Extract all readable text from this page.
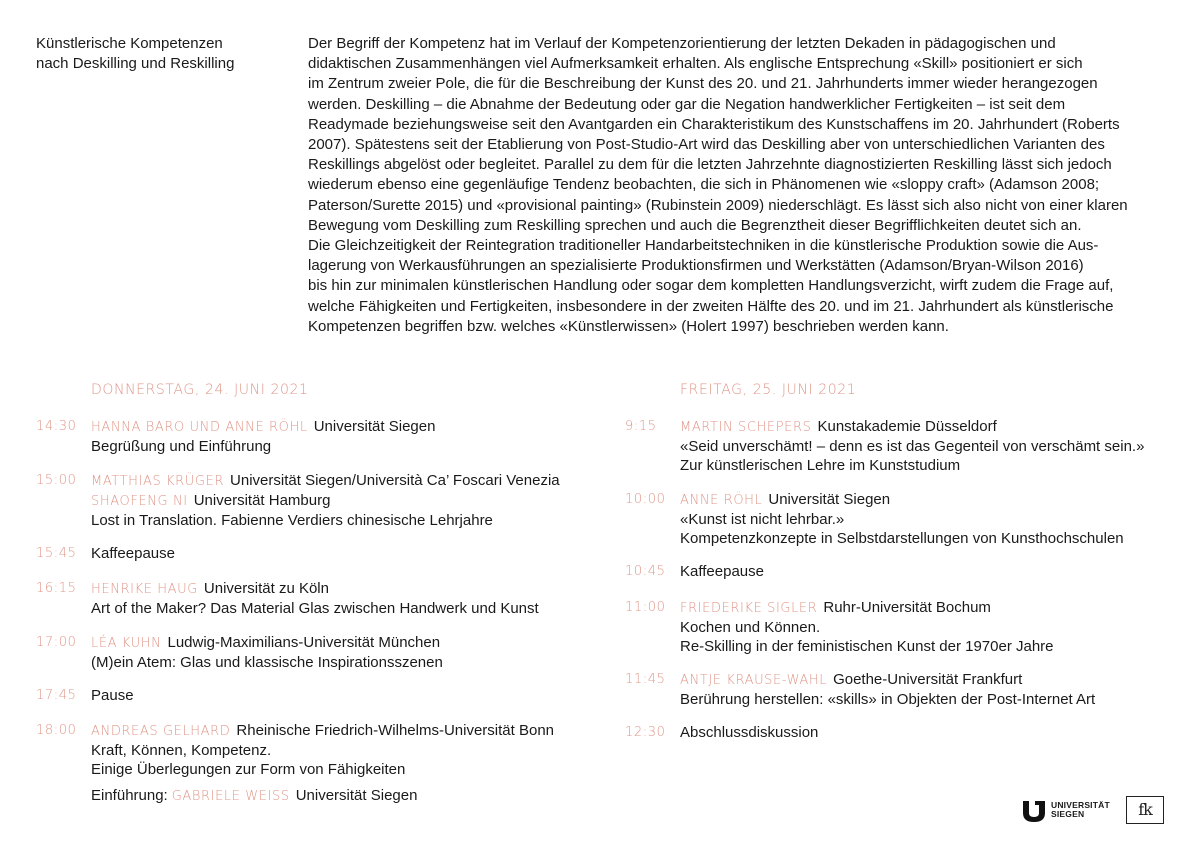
Künstlerische Kompetenzen
nach Deskilling und Reskilling
Der Begriff der Kompetenz hat im Verlauf der Kompetenzorientierung der letzten Dekaden in pädagogischen und
didaktischen Zusammenhängen viel Aufmerksamkeit erhalten. Als englische Entsprechung «Skill» positioniert er sich
im Zentrum zweier Pole, die für die Beschreibung der Kunst des 20. und 21. Jahrhunderts immer wieder herangezogen
werden. Deskilling – die Abnahme der Bedeutung oder gar die Negation handwerklicher Fertigkeiten – ist seit dem
Readymade beziehungsweise seit den Avantgarden ein Charakteristikum des Kunstschaffens im 20. Jahrhundert (Roberts
2007). Spätestens seit der Etablierung von Post-Studio-Art wird das Deskilling aber von unterschiedlichen Varianten des
Reskillings abgelöst oder begleitet. Parallel zu dem für die letzten Jahrzehnte diagnostizierten Reskilling lässt sich jedoch
wiederum ebenso eine gegenläufige Tendenz beobachten, die sich in Phänomenen wie «sloppy craft» (Adamson 2008;
Paterson/Surette 2015) und «provisional painting» (Rubinstein 2009) niederschlägt. Es lässt sich also nicht von einer klaren
Bewegung vom Deskilling zum Reskilling sprechen und auch die Begrenztheit dieser Begrifflichkeiten deutet sich an.
Die Gleichzeitigkeit der Reintegration traditioneller Handarbeitstechniken in die künstlerische Produktion sowie die Aus-
lagerung von Werkausführungen an spezialisierte Produktionsfirmen und Werkstätten (Adamson/Bryan-Wilson 2016)
bis hin zur minimalen künstlerischen Handlung oder sogar dem kompletten Handlungsverzicht, wirft zudem die Frage auf,
welche Fähigkeiten und Fertigkeiten, insbesondere in der zweiten Hälfte des 20. und im 21. Jahrhundert als künstlerische
Kompetenzen begriffen bzw. welches «Künstlerwissen» (Holert 1997) beschrieben werden kann.
DONNERSTAG, 24. JUNI 2021	FREITAG, 25. JUNI 2021
14:30	HANNA BARO UND ANNE RÖHL Universität Siegen
Begrüßung und Einführung
15:00	MATTHIAS KRÜGER Universität Siegen/Università Ca’ Foscari Venezia
SHAOFENG NI Universität Hamburg
Lost in Translation. Fabienne Verdiers chinesische Lehrjahre
15:45 Kaffeepause
16:15	HENRIKE HAUG Universität zu Köln
Art of the Maker? Das Material Glas zwischen Handwerk und Kunst
17:00	LÉA KUHN Ludwig-Maximilians-Universität München
(M)ein Atem: Glas und klassische Inspirationsszenen
17:45 Pause
18:00	ANDREAS GELHARD Rheinische Friedrich-Wilhelms-Universität Bonn
Kraft, Können, Kompetenz.
Einige Überlegungen zur Form von Fähigkeiten
Einführung: GABRIELE WEISS Universität Siegen
9:15	MARTIN SCHEPERS Kunstakademie Düsseldorf
«Seid unverschämt! – denn es ist das Gegenteil von verschämt sein.»
Zur künstlerischen Lehre im Kunststudium
10:00	ANNE RÖHL Universität Siegen
«Kunst ist nicht lehrbar.»
Kompetenzkonzepte in Selbstdarstellungen von Kunsthochschulen
10:45 Kaffeepause
11:00	FRIEDERIKE SIGLER Ruhr-Universität Bochum
Kochen und Können.
Re-Skilling in der feministischen Kunst der 1970er Jahre
11:45	ANTJE KRAUSE-WAHL Goethe-Universität Frankfurt
Berührung herstellen: «skills» in Objekten der Post-Internet Art
12:30 Abschlussdiskussion
UNIVERSITÄT
SIEGEN	fk
